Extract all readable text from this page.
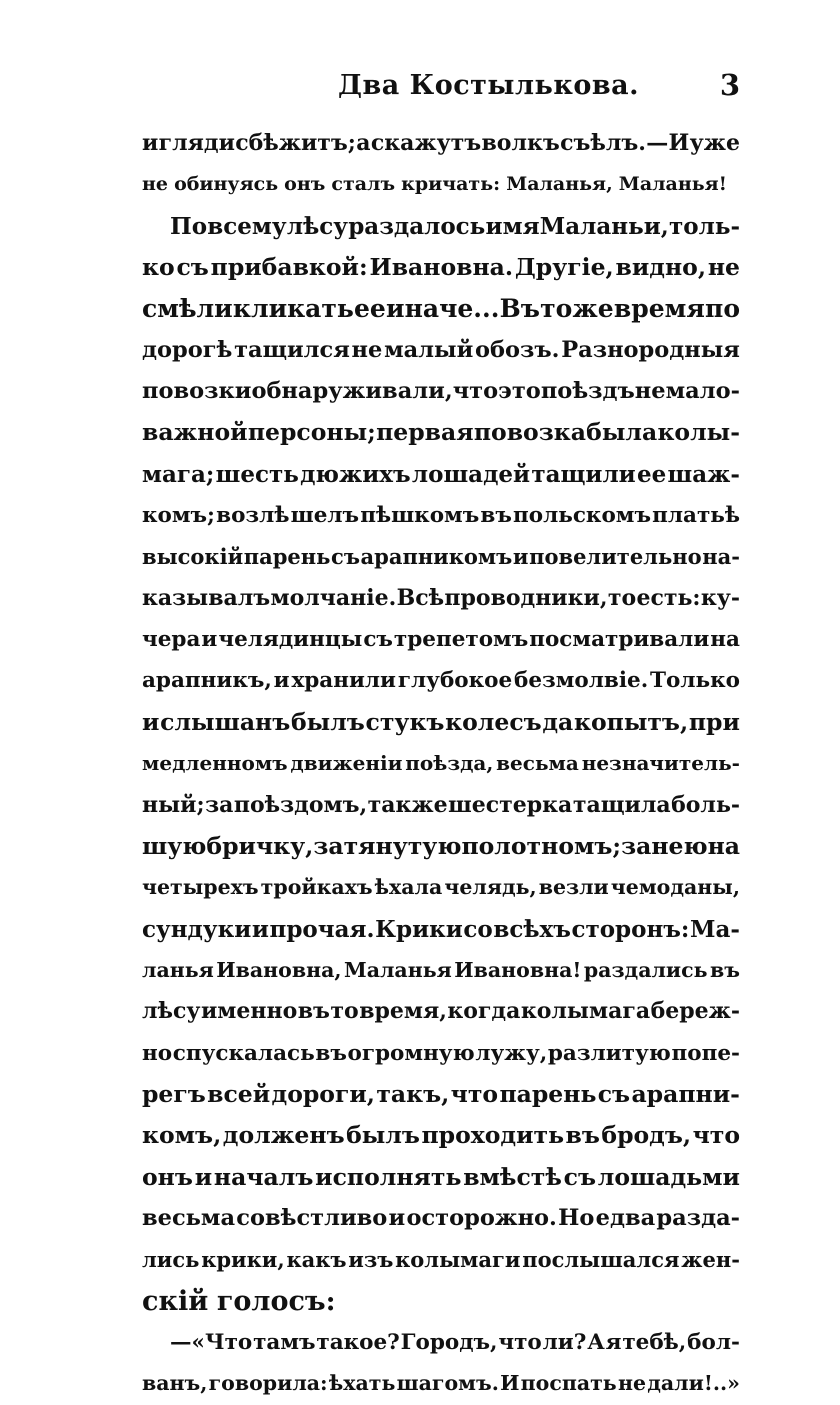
Два Костылькова.	3
и гляди сбѣжитъ; а скажутъ волкъ съѣлъ. — И уже
не обинуясь онъ сталъ кричать: Маланья, Маланья!
По всему лѣсу раздалось имя Маланьи, толь-
ко съ прибавкой: Ивановна. Другіе, видно, не
смѣли кликать ее иначе... Въ то же время по
дорогѣ тащился не малый обозъ. Разнородныя
повозки обнаруживали, что это поѣздъ не мало-
важной персоны; первая повозка была колы-
мага; шесть дюжихъ лошадей тащили ее шаж-
комъ; возлѣ шелъ пѣшкомъ въ польскомъ платьѣ
высокій парень съ арапникомъ и повелительно на-
казывалъ молчаніе. Всѣ проводники, то есть: ку-
чера и челядинцы съ трепетомъ посматривали на
арапникъ, и хранили глубокое безмолвіе. Только
и слышанъ былъ стукъ колесъ да копытъ, при
медленномъ движеніи поѣзда, весьма незначитель-
ный; за поѣздомъ, также шестерка тащила боль-
шую бричку, затянутую полотномъ; за нею на
четырехъ тройкахъ ѣхала челядь, везли чемоданы,
сундуки и прочая. Крики со всѣхъ сторонъ: Ма-
ланья Ивановна, Маланья Ивановна! раздались въ
лѣсу именно въ то время, когда колымага береж-
но спускалась въ огромную лужу, разлитую попе-
регъ всей дороги, такъ, что парень съ арапни-
комъ, долженъ былъ проходить въ бродъ, что
онъ и началъ исполнять вмѣстѣ съ лошадьми
весьма совѣстливо и осторожно. Но едва разда-
лись крики, какъ изъ колымаги послышался жен-
скій голосъ:
—«Что тамъ такое? Городъ, что ли? А я тебѣ, бол-
ванъ, говорила: ѣхать шагомъ. И поспать не дали!..»
